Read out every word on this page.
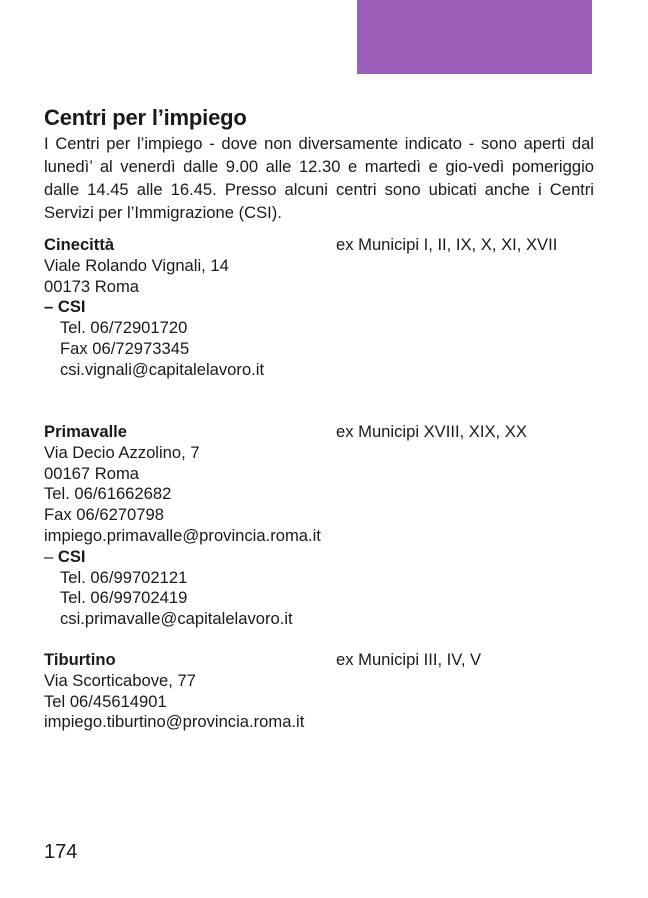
Centri per l’impiego

I Centri per l’impiego - dove non diversamente indicato - sono aperti dal lunedì’ al venerdì dalle 9.00 alle 12.30 e martedì e gio-vedì pomeriggio dalle 14.45 alle 16.45. Presso alcuni centri sono ubicati anche i Centri Servizi per l’Immigrazione (CSI).

Cinecittà	ex Municipi I, II, IX, X, XI, XVII
Viale Rolando Vignali, 14
00173 Roma
– CSI
Tel. 06/72901720
Fax 06/72973345
csi.vignali@capitalelavoro.it
Primavalle	ex Municipi XVIII, XIX, XX
Via Decio Azzolino, 7
00167 Roma
Tel. 06/61662682
Fax 06/6270798
impiego.primavalle@provincia.roma.it
– CSI
Tel. 06/99702121
Tel. 06/99702419
csi.primavalle@capitalelavoro.it
Tiburtino	ex Municipi III, IV, V
Via Scorticabove, 77
Tel 06/45614901
impiego.tiburtino@provincia.roma.it
174
